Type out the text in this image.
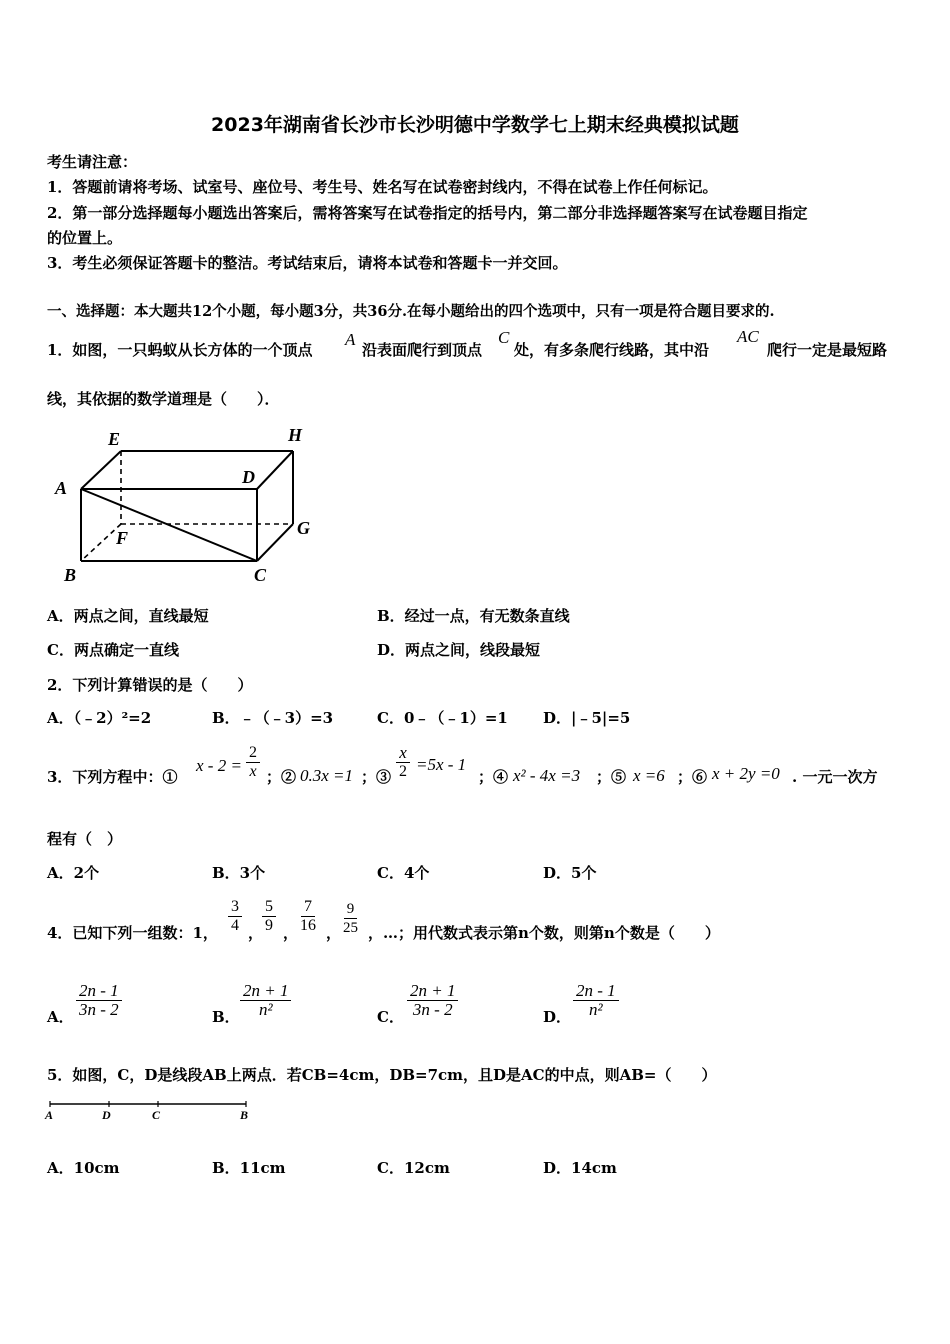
2023年湖南省长沙市长沙明德中学数学七上期末经典模拟试题
考生请注意：
1．答题前请将考场、试室号、座位号、考生号、姓名写在试卷密封线内，不得在试卷上作任何标记。
2．第一部分选择题每小题选出答案后，需将答案写在试卷指定的括号内，第二部分非选择题答案写在试卷题目指定
的位置上。
3．考生必须保证答题卡的整洁。考试结束后，请将本试卷和答题卡一并交回。
一、选择题：本大题共12个小题，每小题3分，共36分.在每小题给出的四个选项中，只有一项是符合题目要求的.
1．如图，一只蚂蚁从长方体的一个顶点
A
沿表面爬行到顶点
C
处，有多条爬行线路，其中沿
AC
爬行一定是最短路
线，其依据的数学道理是（　　）．
A
B	C
D
E
F	G
H
A．两点之间，直线最短	B．经过一点，有无数条直线
C．两点确定一直线	D．两点之间，线段最短
2．下列计算错误的是（　　）
A．（﹣2）²=2	B．﹣（﹣3）=3	C．0﹣（﹣1）=1 D．|﹣5|=5
3．下列方程中：①
$x - 2 = \frac{2}{x}$ ；② 0.3x =1 ；③ $\frac{x}{2} =5x - 1$
；④ x² - 4x =3 ；⑤ x =6 ；⑥ x + 2y =0 . 一元一次方
程有（　）
A．2个	B．3个	C．4个	D．5个
4．已知下列一组数：1， $\frac{3}{4}$ ，
$\frac{5}{9}$ ，
$\frac{7}{16}$ ，
$\frac{9}{25}$ ，…；用代数式表示第n个数，则第n个数是（　　）
A． $\frac{2n - 1}{3n - 2}$	B． $\frac{2n + 1}{\text{n²}}$	C． $\frac{2n + 1}{3n - 2}$	D． $\frac{2n - 1}{\text{n²}}$
5．如图，C，D是线段AB上两点．若CB=4cm，DB=7cm，且D是AC的中点，则AB=（　　）
A	D	C	B
A．10cm	B．11cm	C．12cm	D．14cm
